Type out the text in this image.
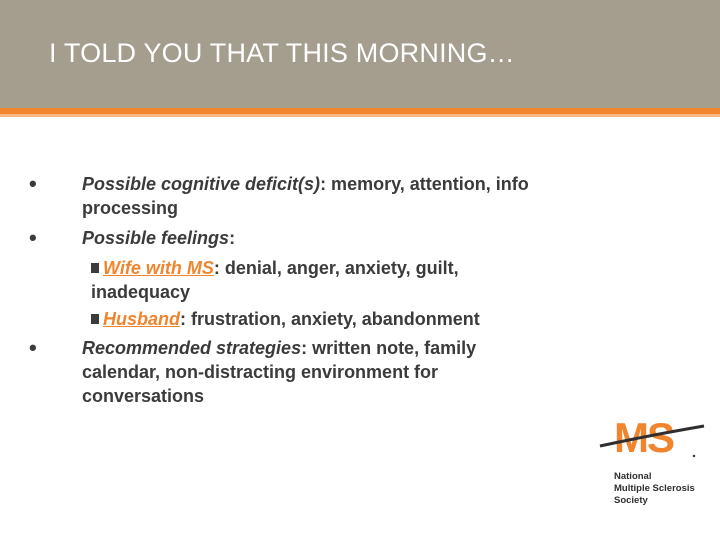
I TOLD YOU THAT THIS MORNING…
•	Possible cognitive deficit(s): memory, attention, info processing
•	Possible feelings:
Wife with MS: denial, anger, anxiety, guilt, inadequacy
Husband: frustration, anxiety, abandonment
•	Recommended strategies: written note, family calendar, non-distracting environment for conversations
MS
National
Multiple Sclerosis
Society
